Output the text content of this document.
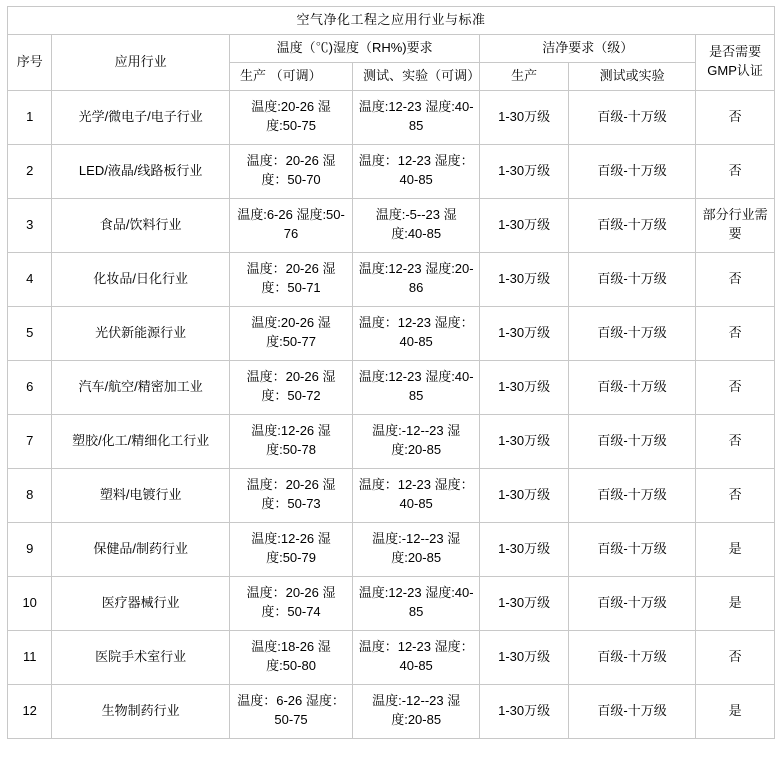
空气净化工程之应用行业与标准						
序号	应用行业	温度（℃)湿度（RH%)要求		洁净要求（级）		是否需要GMP认证
		生产 （可调）	测试、实验（可调）	生产	测试或实验	
1	光学/微电子/电子行业	温度:20-26 湿度:50-75	温度:12-23 湿度:40-85	1-30万级	百级-十万级	否
2	LED/液晶/线路板行业	温度：20-26 湿度：50-70	温度：12-23 湿度：40-85	1-30万级	百级-十万级	否
3	食品/饮料行业	温度:6-26 湿度:50-76	温度:-5--23 湿度:40-85	1-30万级	百级-十万级	部分行业需要
4	化妆品/日化行业	温度：20-26 湿度：50-71	温度:12-23 湿度:20-86	1-30万级	百级-十万级	否
5	光伏新能源行业	温度:20-26 湿度:50-77	温度：12-23 湿度：40-85	1-30万级	百级-十万级	否
6	汽车/航空/精密加工业	温度：20-26 湿度：50-72	温度:12-23 湿度:40-85	1-30万级	百级-十万级	否
7	塑胶/化工/精细化工行业	温度:12-26 湿度:50-78	温度:-12--23 湿度:20-85	1-30万级	百级-十万级	否
8	塑料/电镀行业	温度：20-26 湿度：50-73	温度：12-23 湿度：40-85	1-30万级	百级-十万级	否
9	保健品/制药行业	温度:12-26 湿度:50-79	温度:-12--23 湿度:20-85	1-30万级	百级-十万级	是
10	医疗器械行业	温度：20-26 湿度：50-74	温度:12-23 湿度:40-85	1-30万级	百级-十万级	是
11	医院手术室行业	温度:18-26 湿度:50-80	温度：12-23 湿度：40-85	1-30万级	百级-十万级	否
12	生物制药行业	温度：6-26 湿度：50-75	温度:-12--23 湿度:20-85	1-30万级	百级-十万级	是
